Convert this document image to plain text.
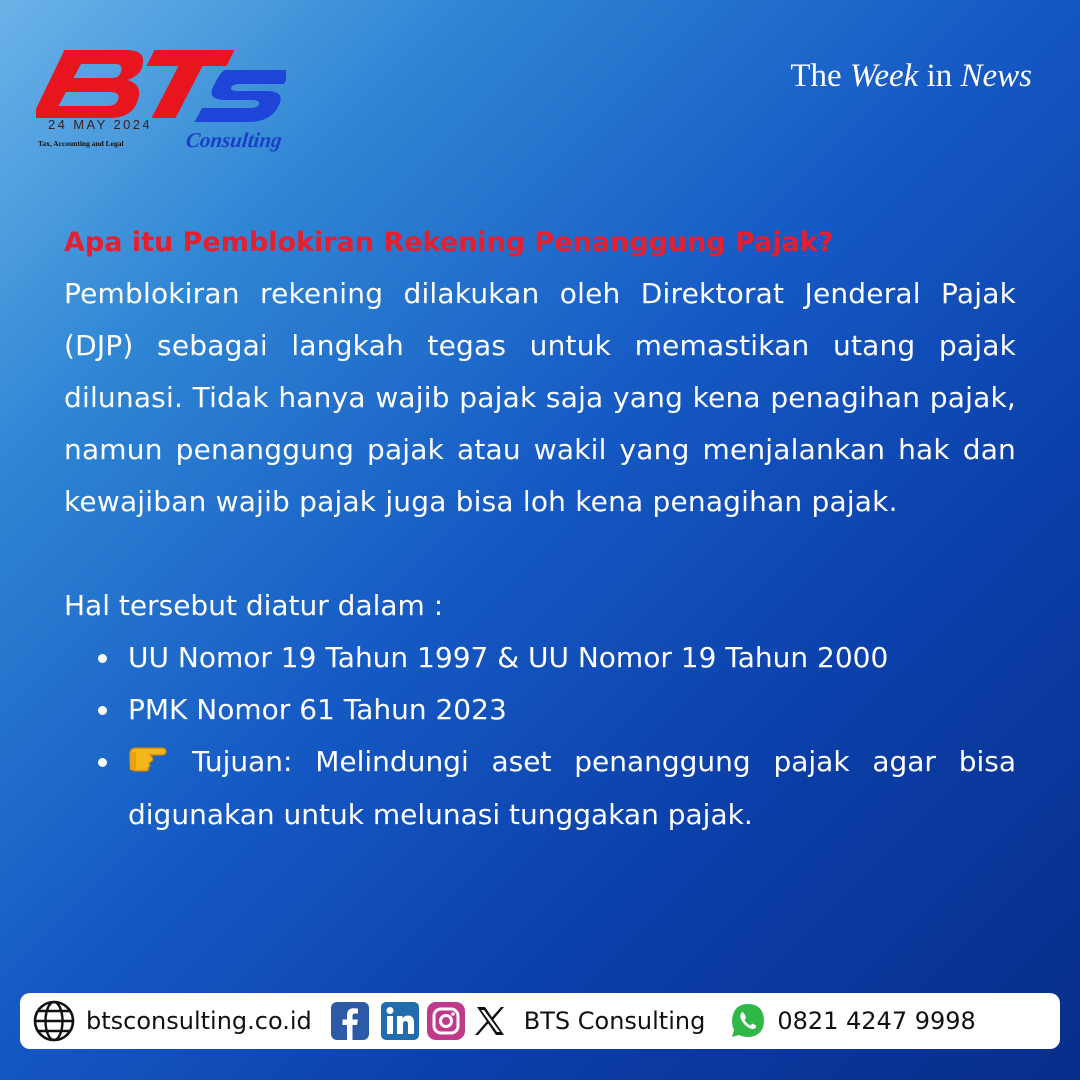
24 MAY 2024
Tax, Accounting and Legal	Consulting
The Week in News
Apa itu Pemblokiran Rekening Penanggung Pajak?

Pemblokiran rekening dilakukan oleh Direktorat Jenderal Pajak (DJP) sebagai langkah tegas untuk memastikan utang pajak dilunasi. Tidak hanya wajib pajak saja yang kena penagihan pajak, namun penanggung pajak atau wakil yang menjalankan hak dan kewajiban wajib pajak juga bisa loh kena penagihan pajak.

Hal tersebut diatur dalam :

UU Nomor 19 Tahun 1997 & UU Nomor 19 Tahun 2000
PMK Nomor 61 Tahun 2023
Tujuan: Melindungi aset penanggung pajak agar bisa digunakan untuk melunasi tunggakan pajak.
btsconsulting.co.id	BTS Consulting	0821 4247 9998
